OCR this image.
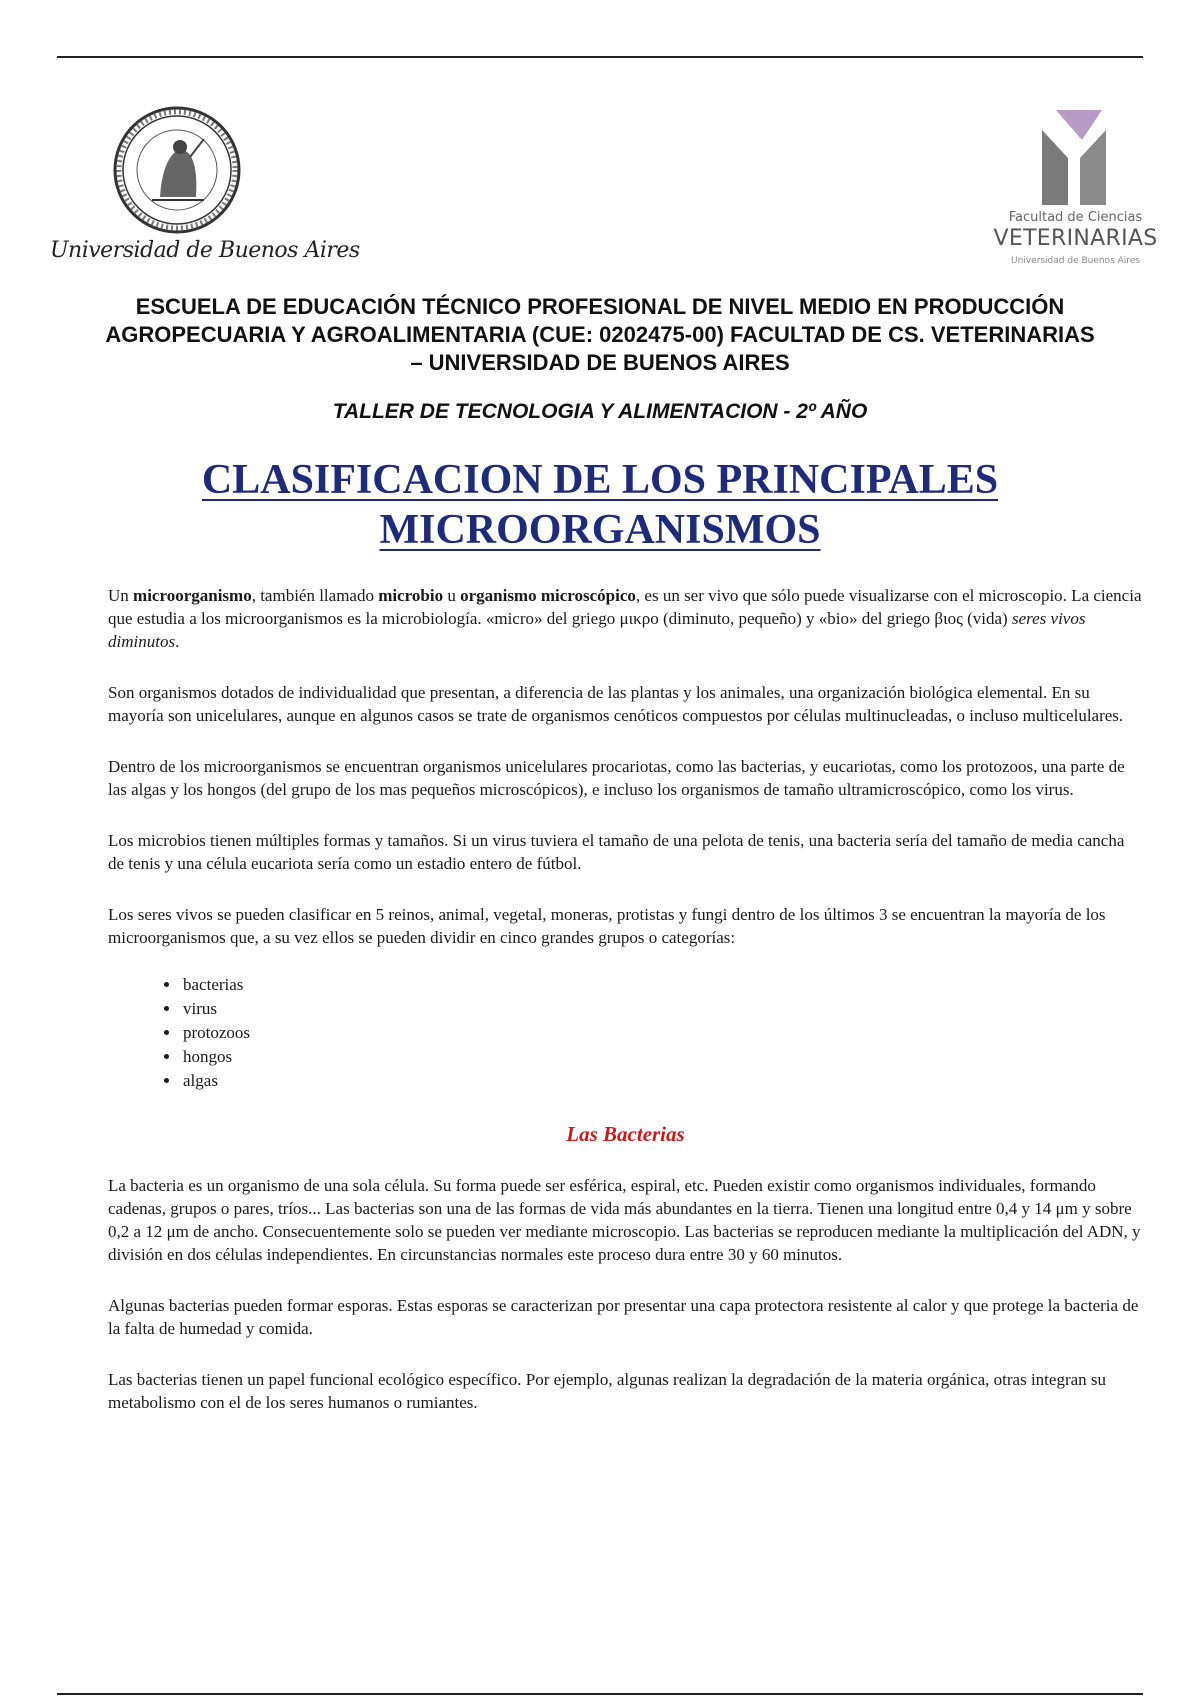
Universidad de Buenos Aires
Facultad de Ciencias
VETERINARIAS
Universidad de Buenos Aires
ESCUELA DE EDUCACIÓN TÉCNICO PROFESIONAL DE NIVEL MEDIO EN PRODUCCIÓN AGROPECUARIA Y AGROALIMENTARIA (CUE: 0202475-00) FACULTAD DE CS. VETERINARIAS – UNIVERSIDAD DE BUENOS AIRES
TALLER DE TECNOLOGIA Y ALIMENTACION - 2º AÑO
CLASIFICACION DE LOS PRINCIPALES
MICROORGANISMOS

Un microorganismo, también llamado microbio u organismo microscópico, es un ser vivo que sólo puede visualizarse con el microscopio. La ciencia que estudia a los microorganismos es la microbiología. «micro» del griego μικρο (diminuto, pequeño) y «bio» del griego βιος (vida) seres vivos diminutos.

Son organismos dotados de individualidad que presentan, a diferencia de las plantas y los animales, una organización biológica elemental. En su mayoría son unicelulares, aunque en algunos casos se trate de organismos cenóticos compuestos por células multinucleadas, o incluso multicelulares.

Dentro de los microorganismos se encuentran organismos unicelulares procariotas, como las bacterias, y eucariotas, como los protozoos, una parte de las algas y los hongos (del grupo de los mas pequeños microscópicos), e incluso los organismos de tamaño ultramicroscópico, como los virus.

Los microbios tienen múltiples formas y tamaños. Si un virus tuviera el tamaño de una pelota de tenis, una bacteria sería del tamaño de media cancha de tenis y una célula eucariota sería como un estadio entero de fútbol.

Los seres vivos se pueden clasificar en 5 reinos, animal, vegetal, moneras, protistas y fungi dentro de los últimos 3 se encuentran la mayoría de los microorganismos que, a su vez ellos se pueden dividir en cinco grandes grupos o categorías:

• bacterias
• virus
• protozoos
• hongos
• algas
Las Bacterias

La bacteria es un organismo de una sola célula. Su forma puede ser esférica, espiral, etc. Pueden existir como organismos individuales, formando cadenas, grupos o pares, tríos... Las bacterias son una de las formas de vida más abundantes en la tierra. Tienen una longitud entre 0,4 y 14 μm y sobre 0,2 a 12 μm de ancho. Consecuentemente solo se pueden ver mediante microscopio. Las bacterias se reproducen mediante la multiplicación del ADN, y división en dos células independientes. En circunstancias normales este proceso dura entre 30 y 60 minutos.

Algunas bacterias pueden formar esporas. Estas esporas se caracterizan por presentar una capa protectora resistente al calor y que protege la bacteria de la falta de humedad y comida.

Las bacterias tienen un papel funcional ecológico específico. Por ejemplo, algunas realizan la degradación de la materia orgánica, otras integran su metabolismo con el de los seres humanos o rumiantes.
